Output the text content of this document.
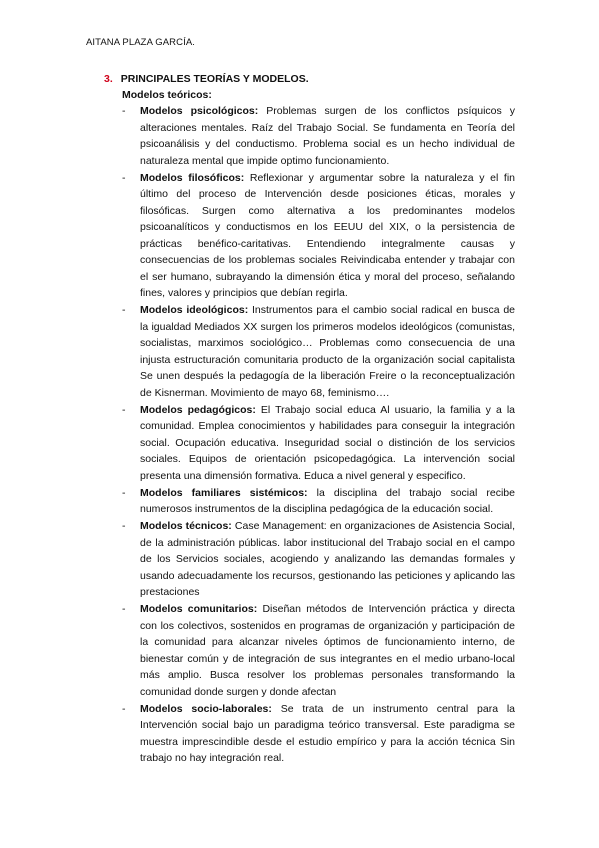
AITANA PLAZA GARCÍA.
3. PRINCIPALES TEORÍAS Y MODELOS.
Modelos teóricos:
- Modelos psicológicos: Problemas surgen de los conflictos psíquicos y alteraciones mentales. Raíz del Trabajo Social. Se fundamenta en Teoría del psicoanálisis y del conductismo. Problema social es un hecho individual de naturaleza mental que impide optimo funcionamiento.
- Modelos filosóficos: Reflexionar y argumentar sobre la naturaleza y el fin último del proceso de Intervención desde posiciones éticas, morales y filosóficas. Surgen como alternativa a los predominantes modelos psicoanalíticos y conductismos en los EEUU del XIX, o la persistencia de prácticas benéfico-caritativas. Entendiendo integralmente causas y consecuencias de los problemas sociales Reivindicaba entender y trabajar con el ser humano, subrayando la dimensión ética y moral del proceso, señalando fines, valores y principios que debían regirla.
- Modelos ideológicos: Instrumentos para el cambio social radical en busca de la igualdad Mediados XX surgen los primeros modelos ideológicos (comunistas, socialistas, marximos sociológico… Problemas como consecuencia de una injusta estructuración comunitaria producto de la organización social capitalista Se unen después la pedagogía de la liberación Freire o la reconceptualización de Kisnerman. Movimiento de mayo 68, feminismo….
- Modelos pedagógicos: El Trabajo social educa Al usuario, la familia y a la comunidad. Emplea conocimientos y habilidades para conseguir la integración social. Ocupación educativa. Inseguridad social o distinción de los servicios sociales. Equipos de orientación psicopedagógica. La intervención social presenta una dimensión formativa. Educa a nivel general y especifico.
- Modelos familiares sistémicos: la disciplina del trabajo social recibe numerosos instrumentos de la disciplina pedagógica de la educación social.
- Modelos técnicos: Case Management: en organizaciones de Asistencia Social, de la administración públicas. labor institucional del Trabajo social en el campo de los Servicios sociales, acogiendo y analizando las demandas formales y usando adecuadamente los recursos, gestionando las peticiones y aplicando las prestaciones
- Modelos comunitarios: Diseñan métodos de Intervención práctica y directa con los colectivos, sostenidos en programas de organización y participación de la comunidad para alcanzar niveles óptimos de funcionamiento interno, de bienestar común y de integración de sus integrantes en el medio urbano-local más amplio. Busca resolver los problemas personales transformando la comunidad donde surgen y donde afectan
- Modelos socio-laborales: Se trata de un instrumento central para la Intervención social bajo un paradigma teórico transversal. Este paradigma se muestra imprescindible desde el estudio empírico y para la acción técnica Sin trabajo no hay integración real.
